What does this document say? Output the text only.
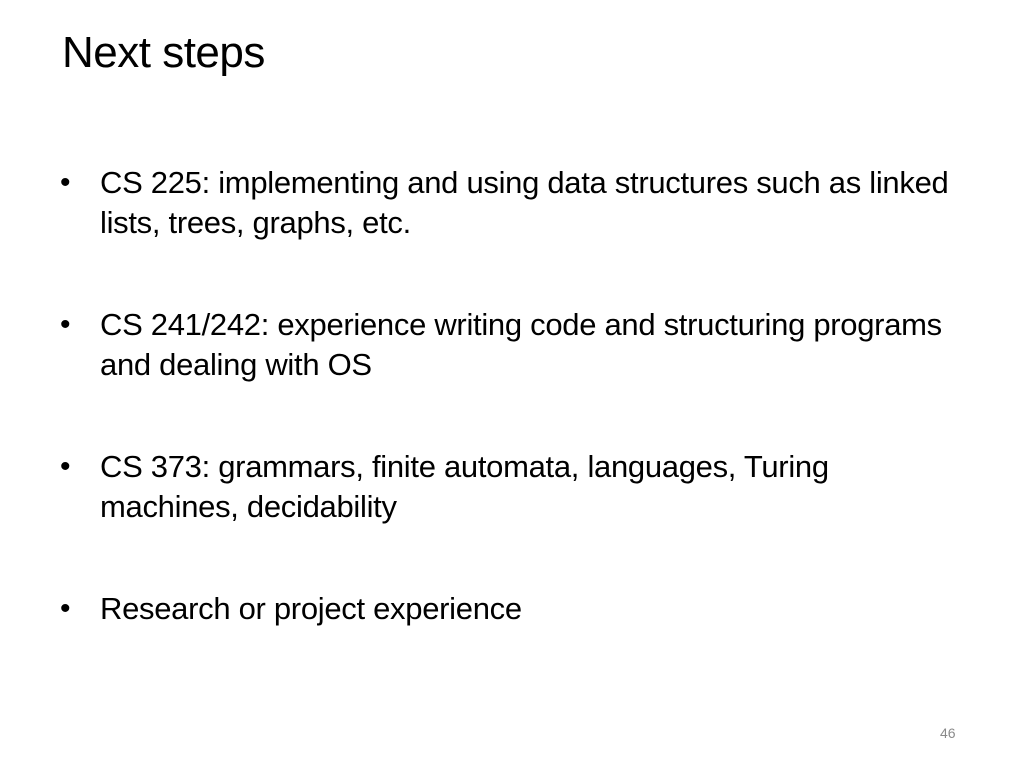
Next steps
•
CS 225: implementing and using data structures such as linked lists, trees, graphs, etc.
•
CS 241/242: experience writing code and structuring programs and dealing with OS
•
CS 373: grammars, finite automata, languages, Turing machines, decidability
•
Research or project experience
46
